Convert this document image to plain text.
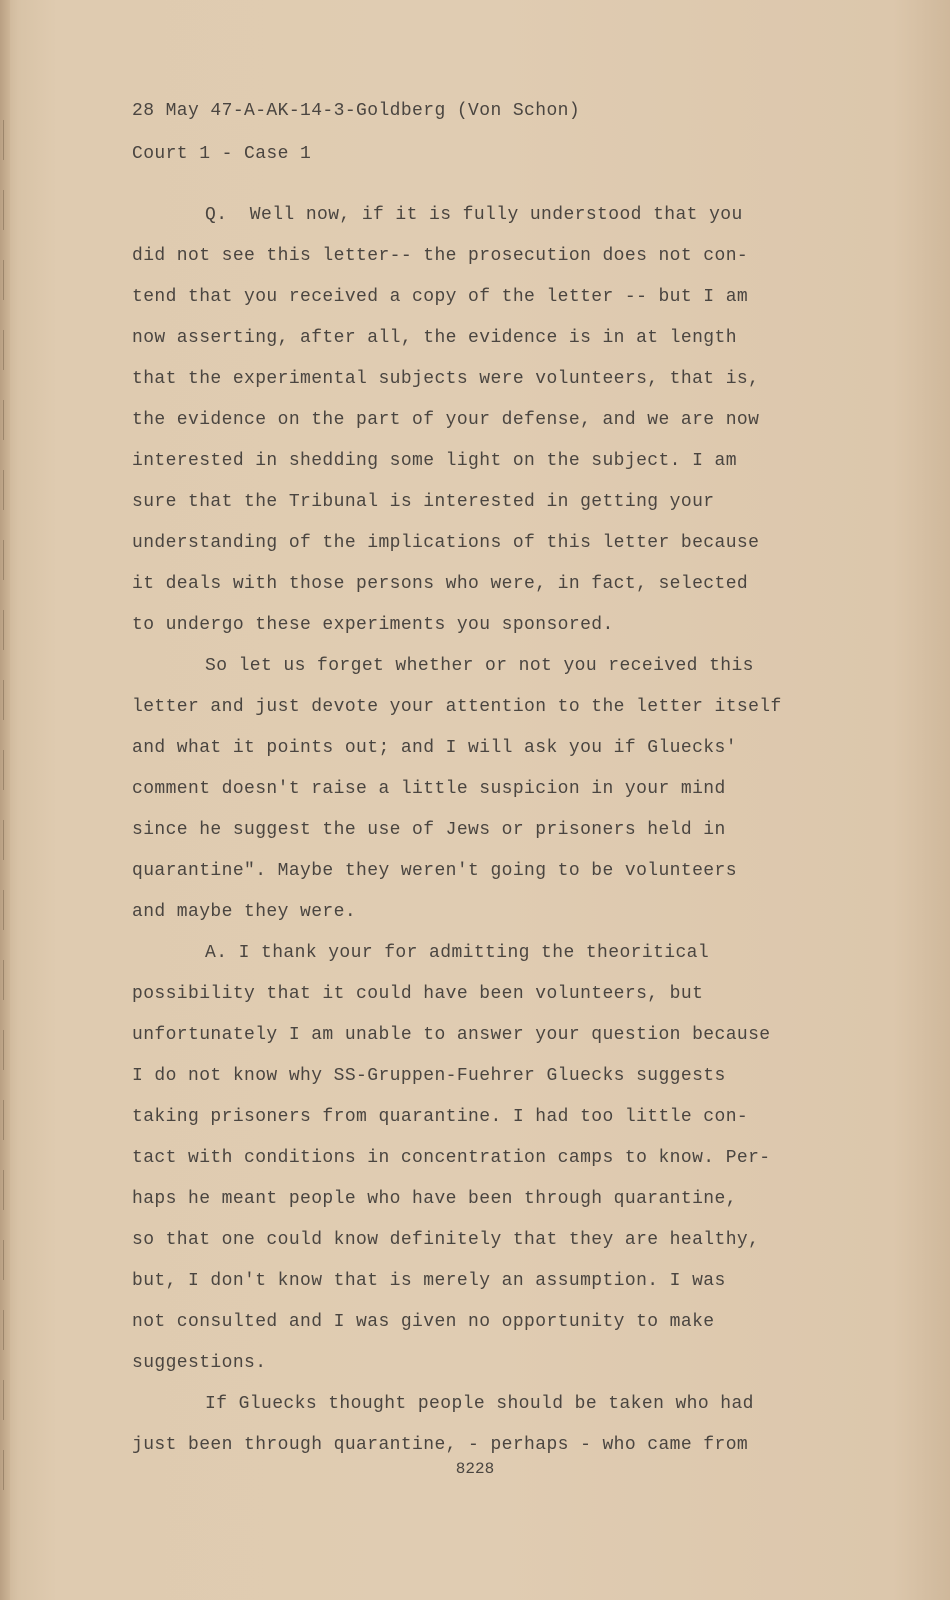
28 May 47-A-AK-14-3-Goldberg (Von Schon)

Court 1 - Case 1

Q.  Well now, if it is fully understood that you

did not see this letter-- the prosecution does not con-

tend that you received a copy of the letter -- but I am

now asserting, after all, the evidence is in at length

that the experimental subjects were volunteers, that is,

the evidence on the part of your defense, and we are now

interested in shedding some light on the subject. I am

sure that the Tribunal is interested in getting your

understanding of the implications of this letter because

it deals with those persons who were, in fact, selected

to undergo these experiments you sponsored.

So let us forget whether or not you received this

letter and just devote your attention to the letter itself

and what it points out; and I will ask you if Gluecks'

comment doesn't raise a little suspicion in your mind

since he suggest the use of Jews or prisoners held in

quarantine". Maybe they weren't going to be volunteers

and maybe they were.

A. I thank your for admitting the theoritical

possibility that it could have been volunteers, but

unfortunately I am unable to answer your question because

I do not know why SS-Gruppen-Fuehrer Gluecks suggests

taking prisoners from quarantine. I had too little con-

tact with conditions in concentration camps to know. Per-

haps he meant people who have been through quarantine,

so that one could know definitely that they are healthy,

but, I don't know that is merely an assumption. I was

not consulted and I was given no opportunity to make

suggestions.

If Gluecks thought people should be taken who had

just been through quarantine, - perhaps - who came from

8228
